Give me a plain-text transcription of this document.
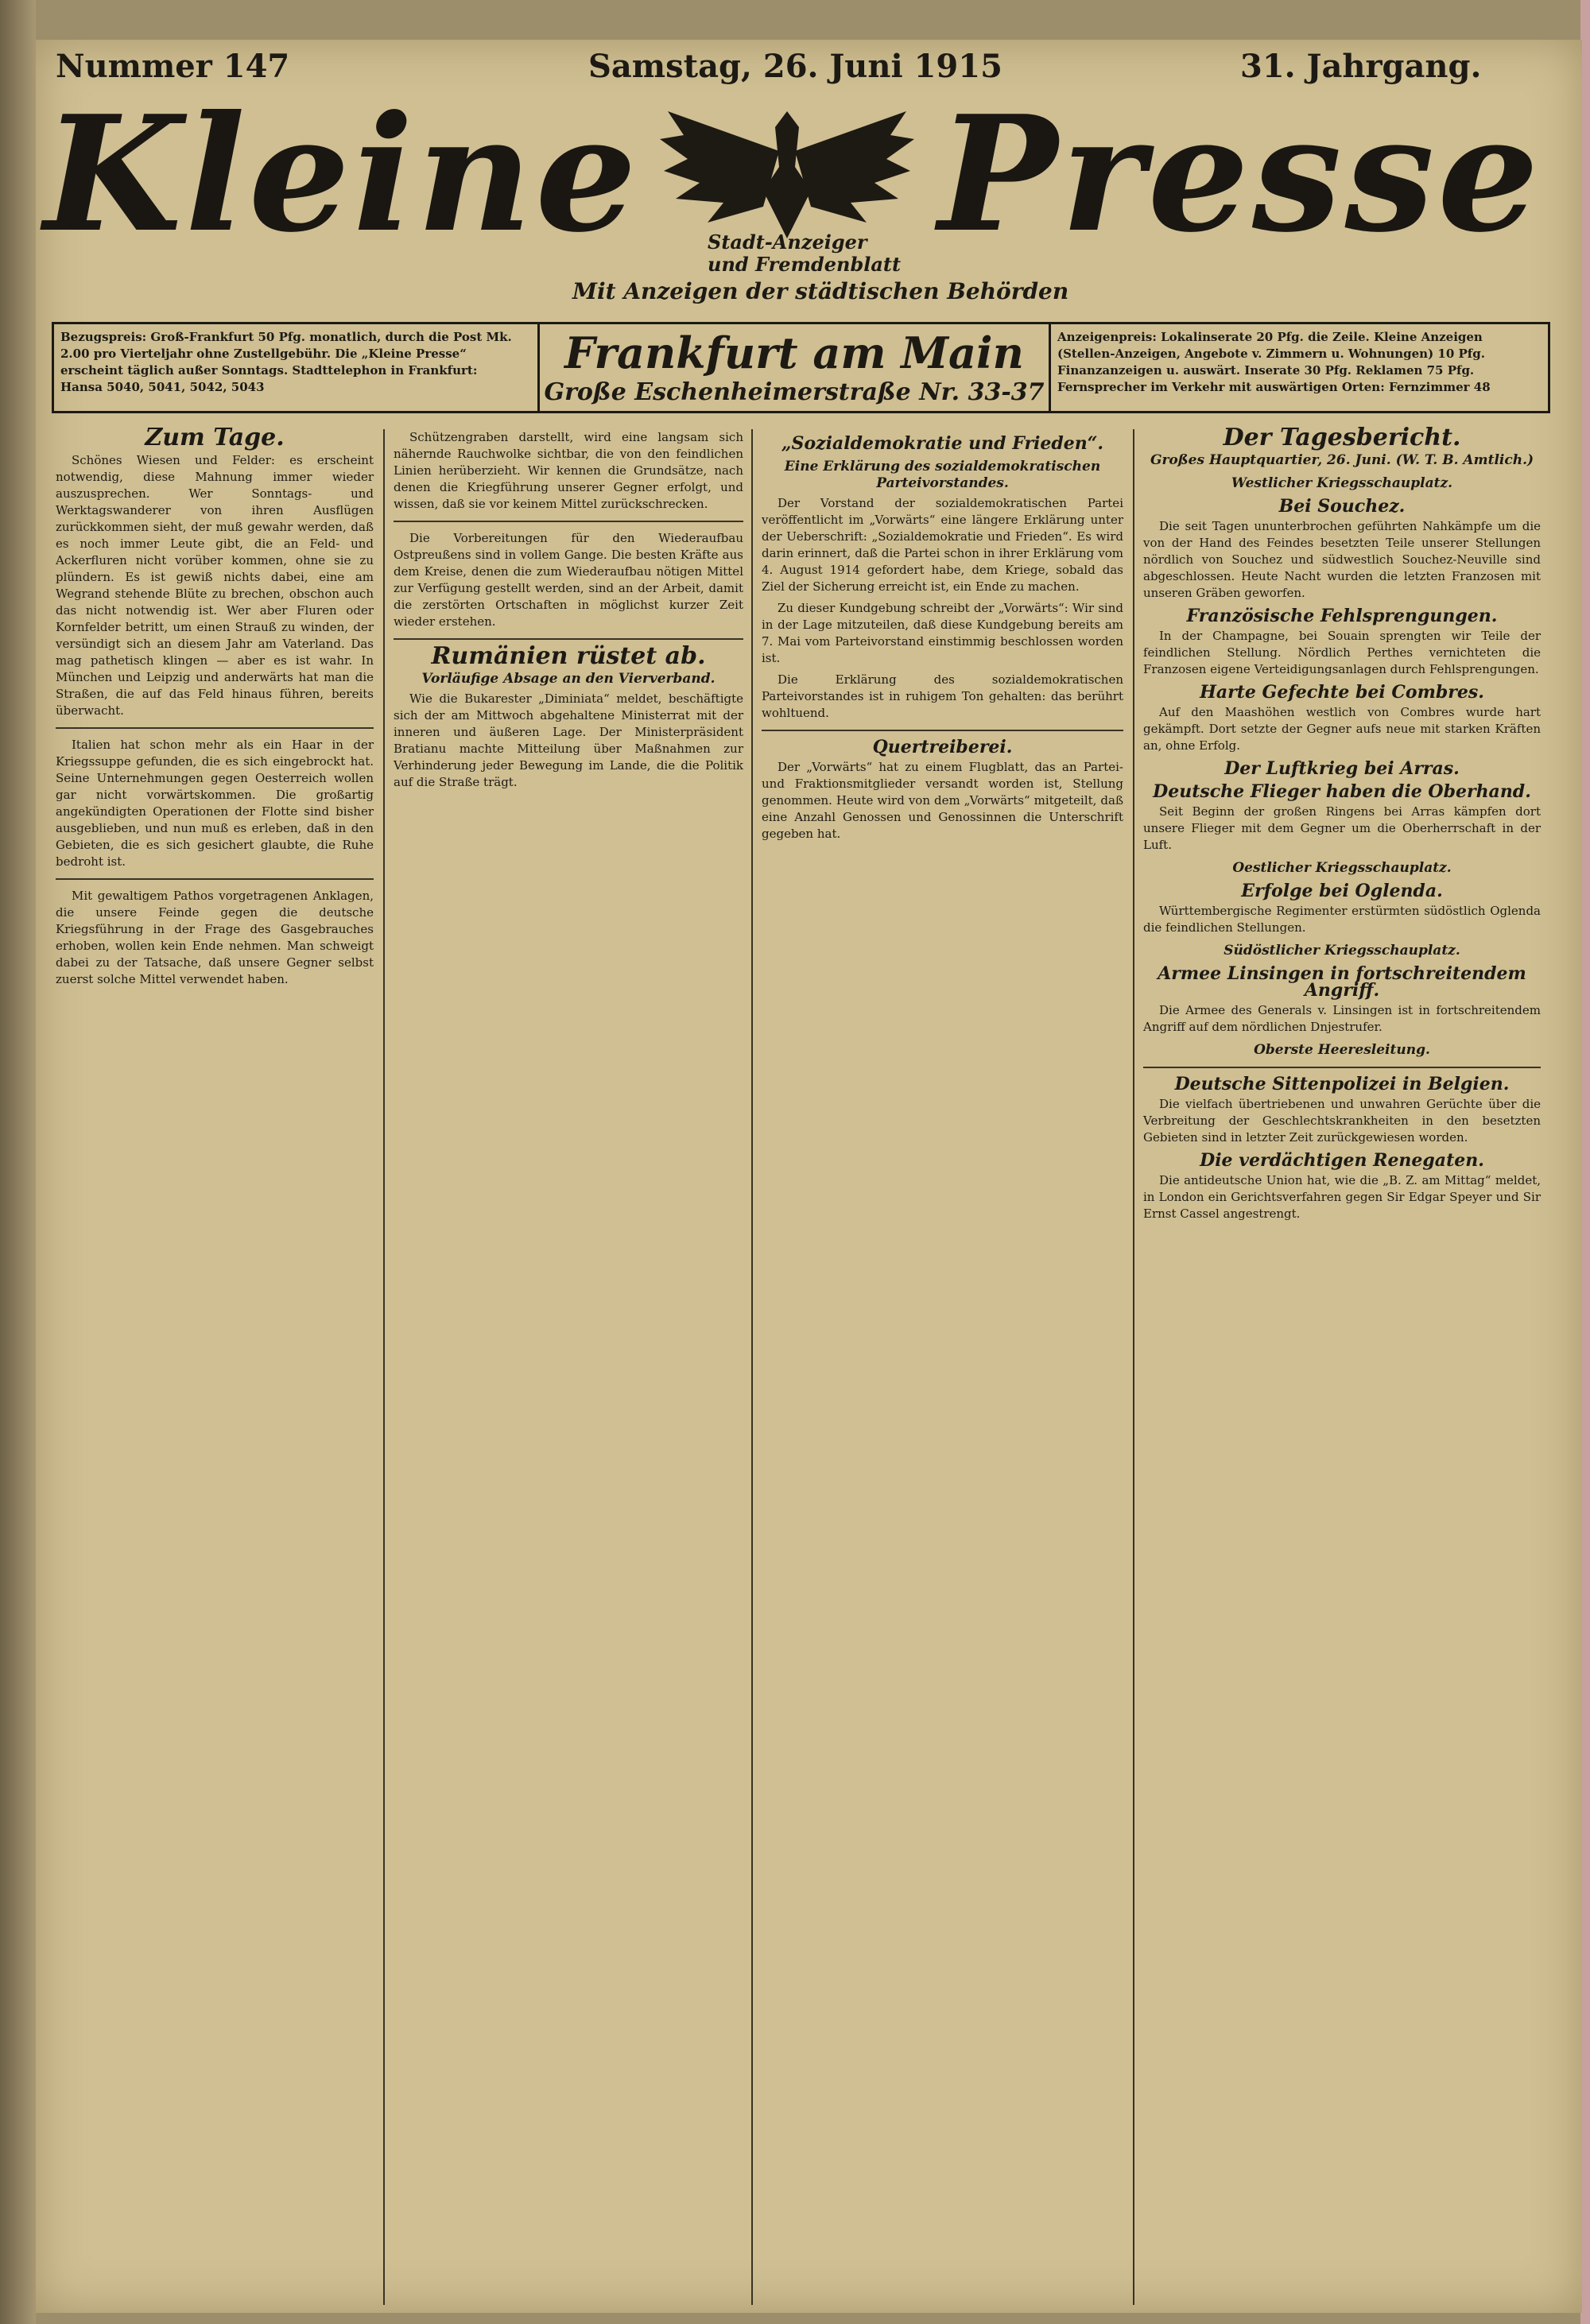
Nummer 147	Samstag, 26. Juni 1915	31. Jahrgang.
Kleine Presse
Stadt-Anzeiger
und Fremdenblatt
Mit Anzeigen der städtischen Behörden
Bezugspreis: Groß-Frankfurt 50 Pfg. monatlich, durch die Post Mk. 2.00 pro Vierteljahr ohne Zustellgebühr. Die „Kleine Presse“ erscheint täglich außer Sonntags. Stadttelephon in Frankfurt: Hansa 5040, 5041, 5042, 5043
Frankfurt am Main
Große Eschenheimerstraße Nr. 33-37
Anzeigenpreis: Lokalinserate 20 Pfg. die Zeile. Kleine Anzeigen (Stellen-Anzeigen, Angebote v. Zimmern u. Wohnungen) 10 Pfg. Finanzanzeigen u. auswärt. Inserate 30 Pfg. Reklamen 75 Pfg. Fernsprecher im Verkehr mit auswärtigen Orten: Fernzimmer 48
Zum Tage.

Schönes Wiesen und Felder: es erscheint notwendig, diese Mahnung immer wieder auszusprechen. Wer Sonntags- und Werktagswanderer von ihren Ausflügen zurückkommen sieht, der muß gewahr werden, daß es noch immer Leute gibt, die an Feld- und Ackerfluren nicht vorüber kommen, ohne sie zu plündern. Es ist gewiß nichts dabei, eine am Wegrand stehende Blüte zu brechen, obschon auch das nicht notwendig ist. Wer aber Fluren oder Kornfelder betritt, um einen Strauß zu winden, der versündigt sich an diesem Jahr am Vaterland. Das mag pathetisch klingen — aber es ist wahr. In München und Leipzig und anderwärts hat man die Straßen, die auf das Feld hinaus führen, bereits überwacht.

Italien hat schon mehr als ein Haar in der Kriegssuppe gefunden, die es sich eingebrockt hat. Seine Unternehmungen gegen Oesterreich wollen gar nicht vorwärtskommen. Die großartig angekündigten Operationen der Flotte sind bisher ausgeblieben, und nun muß es erleben, daß in den Gebieten, die es sich gesichert glaubte, die Ruhe bedroht ist.

Mit gewaltigem Pathos vorgetragenen Anklagen, die unsere Feinde gegen die deutsche Kriegsführung in der Frage des Gasgebrauches erhoben, wollen kein Ende nehmen. Man schweigt dabei zu der Tatsache, daß unsere Gegner selbst zuerst solche Mittel verwendet haben.

Schützengraben darstellt, wird eine langsam sich nähernde Rauchwolke sichtbar, die von den feindlichen Linien herüberzieht. Wir kennen die Grundsätze, nach denen die Kriegführung unserer Gegner erfolgt, und wissen, daß sie vor keinem Mittel zurückschrecken.

Die Vorbereitungen für den Wiederaufbau Ostpreußens sind in vollem Gange. Die besten Kräfte aus dem Kreise, denen die zum Wiederaufbau nötigen Mittel zur Verfügung gestellt werden, sind an der Arbeit, damit die zerstörten Ortschaften in möglichst kurzer Zeit wieder erstehen.

Rumänien rüstet ab.
Vorläufige Absage an den Vierverband.

Wie die Bukarester „Diminiata“ meldet, beschäftigte sich der am Mittwoch abgehaltene Ministerrat mit der inneren und äußeren Lage. Der Ministerpräsident Bratianu machte Mitteilung über Maßnahmen zur Verhinderung jeder Bewegung im Lande, die die Politik auf die Straße trägt.

„Sozialdemokratie und Frieden“.
Eine Erklärung des sozialdemokratischen Parteivorstandes.

Der Vorstand der sozialdemokratischen Partei veröffentlicht im „Vorwärts“ eine längere Erklärung unter der Ueberschrift: „Sozialdemokratie und Frieden“. Es wird darin erinnert, daß die Partei schon in ihrer Erklärung vom 4. August 1914 gefordert habe, dem Kriege, sobald das Ziel der Sicherung erreicht ist, ein Ende zu machen.

Zu dieser Kundgebung schreibt der „Vorwärts“: Wir sind in der Lage mitzuteilen, daß diese Kundgebung bereits am 7. Mai vom Parteivorstand einstimmig beschlossen worden ist.

Die Erklärung des sozialdemokratischen Parteivorstandes ist in ruhigem Ton gehalten: das berührt wohltuend.

Quertreiberei.

Der „Vorwärts“ hat zu einem Flugblatt, das an Partei- und Fraktionsmitglieder versandt worden ist, Stellung genommen. Heute wird von dem „Vorwärts“ mitgeteilt, daß eine Anzahl Genossen und Genossinnen die Unterschrift gegeben hat.

Der Tagesbericht.
Großes Hauptquartier, 26. Juni. (W. T. B. Amtlich.)
Westlicher Kriegsschauplatz.
Bei Souchez.

Die seit Tagen ununterbrochen geführten Nahkämpfe um die von der Hand des Feindes besetzten Teile unserer Stellungen nördlich von Souchez und südwestlich Souchez-Neuville sind abgeschlossen. Heute Nacht wurden die letzten Franzosen mit unseren Gräben geworfen.

Französische Fehlsprengungen.

In der Champagne, bei Souain sprengten wir Teile der feindlichen Stellung. Nördlich Perthes vernichteten die Franzosen eigene Verteidigungsanlagen durch Fehlsprengungen.

Harte Gefechte bei Combres.

Auf den Maashöhen westlich von Combres wurde hart gekämpft. Dort setzte der Gegner aufs neue mit starken Kräften an, ohne Erfolg.

Der Luftkrieg bei Arras.
Deutsche Flieger haben die Oberhand.

Seit Beginn der großen Ringens bei Arras kämpfen dort unsere Flieger mit dem Gegner um die Oberherrschaft in der Luft.

Oestlicher Kriegsschauplatz.
Erfolge bei Oglenda.

Württembergische Regimenter erstürmten südöstlich Oglenda die feindlichen Stellungen.

Südöstlicher Kriegsschauplatz.
Armee Linsingen in fortschreitendem Angriff.

Die Armee des Generals v. Linsingen ist in fortschreitendem Angriff auf dem nördlichen Dnjestrufer.

Oberste Heeresleitung.
Deutsche Sittenpolizei in Belgien.

Die vielfach übertriebenen und unwahren Gerüchte über die Verbreitung der Geschlechtskrankheiten in den besetzten Gebieten sind in letzter Zeit zurückgewiesen worden.

Die verdächtigen Renegaten.

Die antideutsche Union hat, wie die „B. Z. am Mittag“ meldet, in London ein Gerichtsverfahren gegen Sir Edgar Speyer und Sir Ernst Cassel angestrengt.
